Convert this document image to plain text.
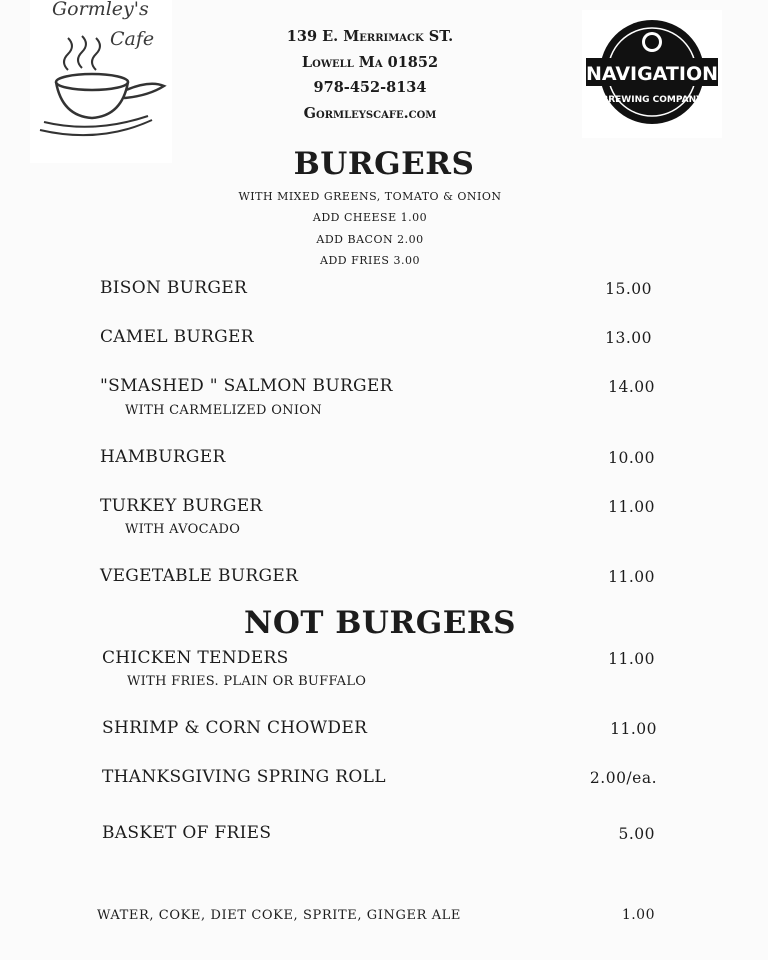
Gormley's
Cafe	139 E. Merrimack ST.
Lowell Ma 01852
978-452-8134
Gormleyscafe.com
NAVIGATION
BREWING COMPANY
BURGERS
WITH MIXED GREENS, TOMATO & ONION
ADD CHEESE 1.00
ADD BACON 2.00
ADD FRIES 3.00
BISON BURGER	15.00
CAMEL BURGER	13.00
"SMASHED " SALMON BURGER	14.00
WITH CARMELIZED ONION
HAMBURGER	10.00
TURKEY BURGER	11.00
WITH AVOCADO
VEGETABLE BURGER	11.00
NOT BURGERS
CHICKEN TENDERS	11.00
WITH FRIES. PLAIN OR BUFFALO
SHRIMP & CORN CHOWDER	11.00
THANKSGIVING SPRING ROLL	2.00/ea.
BASKET OF FRIES	5.00
WATER, COKE, DIET COKE, SPRITE, GINGER ALE	1.00
